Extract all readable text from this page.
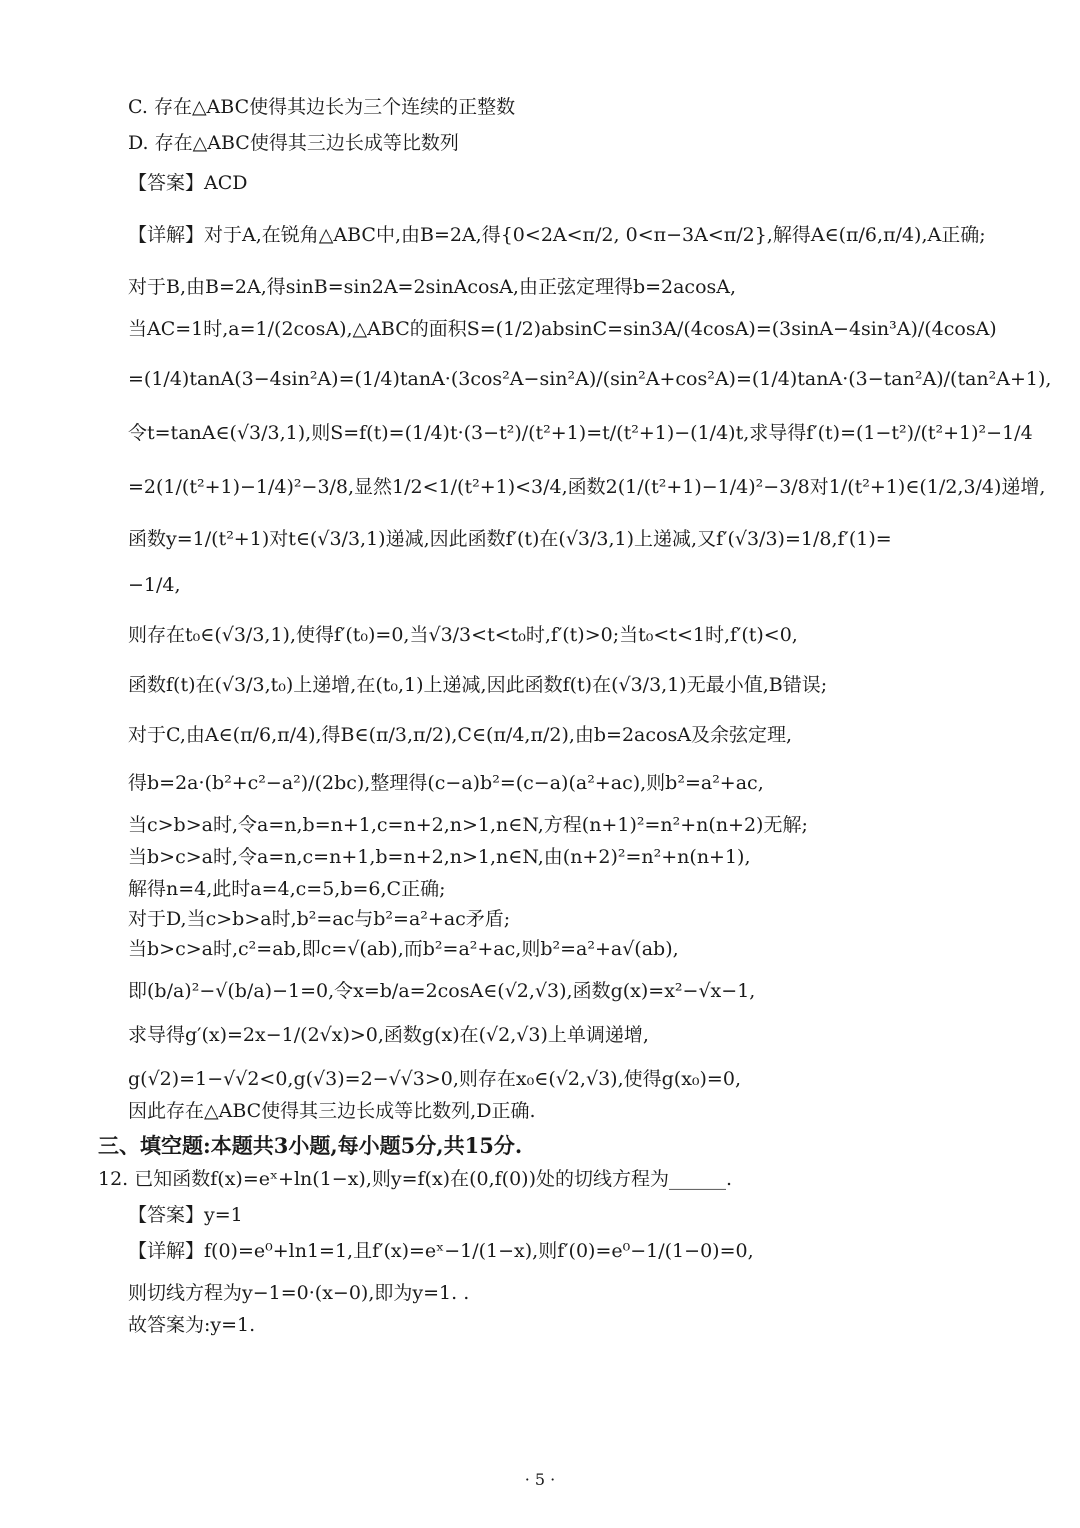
C. 存在△ABC使得其边长为三个连续的正整数
D. 存在△ABC使得其三边长成等比数列
【答案】ACD
【详解】对于A,在锐角△ABC中,由B=2A,得{0<2A<π/2, 0<π−3A<π/2},解得A∈(π/6,π/4),A正确;
对于B,由B=2A,得sinB=sin2A=2sinAcosA,由正弦定理得b=2acosA,
当AC=1时,a=1/(2cosA),△ABC的面积S=(1/2)absinC=sin3A/(4cosA)=(3sinA−4sin³A)/(4cosA)
=(1/4)tanA(3−4sin²A)=(1/4)tanA·(3cos²A−sin²A)/(sin²A+cos²A)=(1/4)tanA·(3−tan²A)/(tan²A+1),
令t=tanA∈(√3/3,1),则S=f(t)=(1/4)t·(3−t²)/(t²+1)=t/(t²+1)−(1/4)t,求导得f′(t)=(1−t²)/(t²+1)²−1/4
=2(1/(t²+1)−1/4)²−3/8,显然1/2<1/(t²+1)<3/4,函数2(1/(t²+1)−1/4)²−3/8对1/(t²+1)∈(1/2,3/4)递增,
函数y=1/(t²+1)对t∈(√3/3,1)递减,因此函数f′(t)在(√3/3,1)上递减,又f′(√3/3)=1/8,f′(1)=
−1/4,
则存在t₀∈(√3/3,1),使得f′(t₀)=0,当√3/3<t<t₀时,f′(t)>0;当t₀<t<1时,f′(t)<0,
函数f(t)在(√3/3,t₀)上递增,在(t₀,1)上递减,因此函数f(t)在(√3/3,1)无最小值,B错误;
对于C,由A∈(π/6,π/4),得B∈(π/3,π/2),C∈(π/4,π/2),由b=2acosA及余弦定理,
得b=2a·(b²+c²−a²)/(2bc),整理得(c−a)b²=(c−a)(a²+ac),则b²=a²+ac,
当c>b>a时,令a=n,b=n+1,c=n+2,n>1,n∈N,方程(n+1)²=n²+n(n+2)无解;
当b>c>a时,令a=n,c=n+1,b=n+2,n>1,n∈N,由(n+2)²=n²+n(n+1),
解得n=4,此时a=4,c=5,b=6,C正确;
对于D,当c>b>a时,b²=ac与b²=a²+ac矛盾;
当b>c>a时,c²=ab,即c=√(ab),而b²=a²+ac,则b²=a²+a√(ab),
即(b/a)²−√(b/a)−1=0,令x=b/a=2cosA∈(√2,√3),函数g(x)=x²−√x−1,
求导得g′(x)=2x−1/(2√x)>0,函数g(x)在(√2,√3)上单调递增,
g(√2)=1−√√2<0,g(√3)=2−√√3>0,则存在x₀∈(√2,√3),使得g(x₀)=0,
因此存在△ABC使得其三边长成等比数列,D正确.
三、填空题:本题共3小题,每小题5分,共15分.
12. 已知函数f(x)=eˣ+ln(1−x),则y=f(x)在(0,f(0))处的切线方程为______.
【答案】y=1
【详解】f(0)=e⁰+ln1=1,且f′(x)=eˣ−1/(1−x),则f′(0)=e⁰−1/(1−0)=0,
则切线方程为y−1=0·(x−0),即为y=1. .
故答案为:y=1.
· 5 ·
